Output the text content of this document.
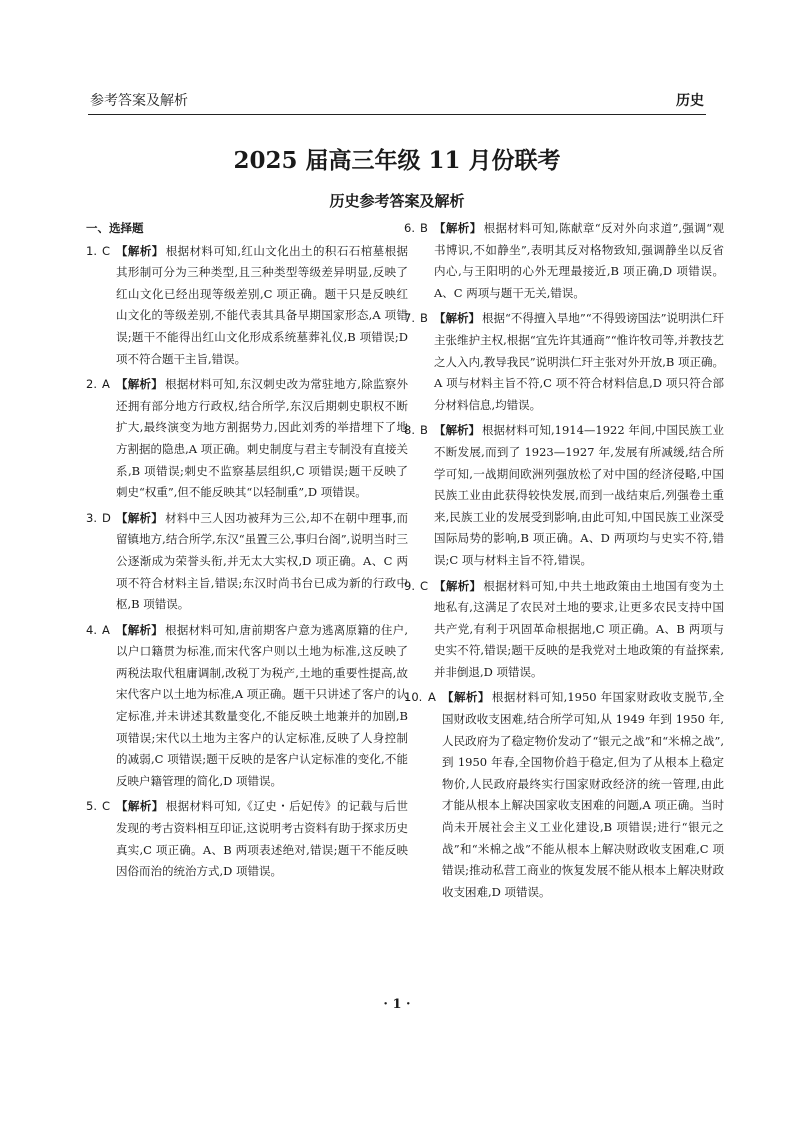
参考答案及解析	历史
2025 届高三年级 11 月份联考
历史参考答案及解析
一、选择题
1. C 【解析】 根据材料可知,红山文化出土的积石石棺墓根据其形制可分为三种类型,且三种类型等级差异明显,反映了红山文化已经出现等级差别,C 项正确。题干只是反映红山文化的等级差别,不能代表其具备早期国家形态,A 项错误;题干不能得出红山文化形成系统墓葬礼仪,B 项错误;D 项不符合题干主旨,错误。
2. A 【解析】 根据材料可知,东汉刺史改为常驻地方,除监察外还拥有部分地方行政权,结合所学,东汉后期刺史职权不断扩大,最终演变为地方割据势力,因此刘秀的举措埋下了地方割据的隐患,A 项正确。刺史制度与君主专制没有直接关系,B 项错误;刺史不监察基层组织,C 项错误;题干反映了刺史“权重”,但不能反映其“以轻制重”,D 项错误。
3. D 【解析】 材料中三人因功被拜为三公,却不在朝中理事,而留镇地方,结合所学,东汉“虽置三公,事归台阁”,说明当时三公逐渐成为荣誉头衔,并无太大实权,D 项正确。A、C 两项不符合材料主旨,错误;东汉时尚书台已成为新的行政中枢,B 项错误。
4. A 【解析】 根据材料可知,唐前期客户意为逃离原籍的住户,以户口籍贯为标准,而宋代客户则以土地为标准,这反映了两税法取代租庸调制,改税丁为税产,土地的重要性提高,故宋代客户以土地为标准,A 项正确。题干只讲述了客户的认定标准,并未讲述其数量变化,不能反映土地兼并的加剧,B 项错误;宋代以土地为主客户的认定标准,反映了人身控制的减弱,C 项错误;题干反映的是客户认定标准的变化,不能反映户籍管理的简化,D 项错误。
5. C 【解析】 根据材料可知,《辽史・后妃传》的记载与后世发现的考古资料相互印证,这说明考古资料有助于探求历史真实,C 项正确。A、B 两项表述绝对,错误;题干不能反映因俗而治的统治方式,D 项错误。
6. B 【解析】 根据材料可知,陈献章“反对外向求道”,强调“观书博识,不如静坐”,表明其反对格物致知,强调静坐以反省内心,与王阳明的心外无理最接近,B 项正确,D 项错误。A、C 两项与题干无关,错误。
7. B 【解析】 根据“不得擅入旱地”“不得毁谤国法”说明洪仁玕主张维护主权,根据“宜先许其通商”“惟许牧司等,并教技艺之人入内,教导我民”说明洪仁玕主张对外开放,B 项正确。A 项与材料主旨不符,C 项不符合材料信息,D 项只符合部分材料信息,均错误。
8. B 【解析】 根据材料可知,1914—1922 年间,中国民族工业不断发展,而到了 1923—1927 年,发展有所减缓,结合所学可知,一战期间欧洲列强放松了对中国的经济侵略,中国民族工业由此获得较快发展,而到一战结束后,列强卷土重来,民族工业的发展受到影响,由此可知,中国民族工业深受国际局势的影响,B 项正确。A、D 两项均与史实不符,错误;C 项与材料主旨不符,错误。
9. C 【解析】 根据材料可知,中共土地政策由土地国有变为土地私有,这满足了农民对土地的要求,让更多农民支持中国共产党,有利于巩固革命根据地,C 项正确。A、B 两项与史实不符,错误;题干反映的是我党对土地政策的有益探索,并非倒退,D 项错误。
10. A 【解析】 根据材料可知,1950 年国家财政收支脱节,全国财政收支困难,结合所学可知,从 1949 年到 1950 年,人民政府为了稳定物价发动了“银元之战”和“米棉之战”,到 1950 年春,全国物价趋于稳定,但为了从根本上稳定物价,人民政府最终实行国家财政经济的统一管理,由此才能从根本上解决国家收支困难的问题,A 项正确。当时尚未开展社会主义工业化建设,B 项错误;进行“银元之战”和“米棉之战”不能从根本上解决财政收支困难,C 项错误;推动私营工商业的恢复发展不能从根本上解决财政收支困难,D 项错误。
· 1 ·
